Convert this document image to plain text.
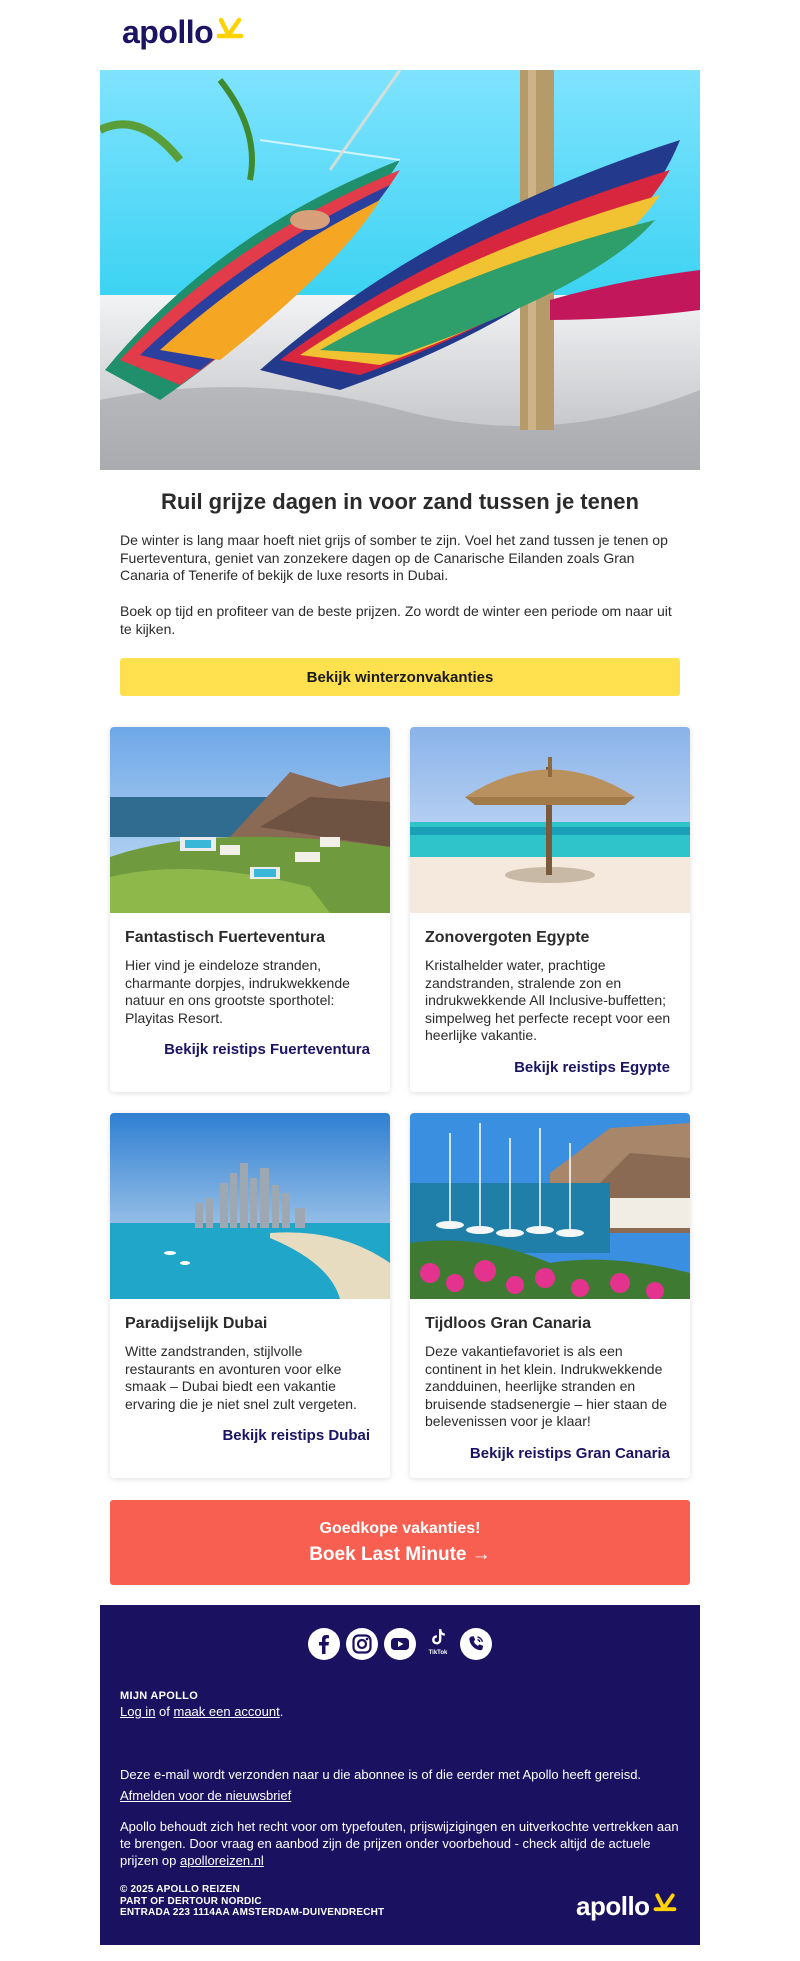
apollo
Ruil grijze dagen in voor zand tussen je tenen

De winter is lang maar hoeft niet grijs of somber te zijn. Voel het zand tussen je tenen op Fuerteventura, geniet van zonzekere dagen op de Canarische Eilanden zoals Gran Canaria of Tenerife of bekijk de luxe resorts in Dubai.

Boek op tijd en profiteer van de beste prijzen. Zo wordt de winter een periode om naar uit te kijken.

Bekijk winterzonvakanties
Fantastisch Fuerteventura

Hier vind je eindeloze stranden, charmante dorpjes, indrukwekkende natuur en ons grootste sporthotel: Playitas Resort.

Bekijk reistips Fuerteventura
Zonovergoten Egypte

Kristalhelder water, prachtige zandstranden, stralende zon en indrukwekkende All Inclusive-buffetten; simpelweg het perfecte recept voor een heerlijke vakantie.

Bekijk reistips Egypte
Paradijselijk Dubai

Witte zandstranden, stijlvolle restaurants en avonturen voor elke smaak – Dubai biedt een vakantie ervaring die je niet snel zult vergeten.

Bekijk reistips Dubai
Tijdloos Gran Canaria

Deze vakantiefavoriet is als een continent in het klein. Indrukwekkende zandduinen, heerlijke stranden en bruisende stadsenergie – hier staan de belevenissen voor je klaar!

Bekijk reistips Gran Canaria
Goedkope vakanties!
Boek Last Minute →
TikTok
MIJN APOLLO
Log in of maak een account.
Deze e-mail wordt verzonden naar u die abonnee is of die eerder met Apollo heeft gereisd.
Afmelden voor de nieuwsbrief
Apollo behoudt zich het recht voor om typefouten, prijswijzigingen en uitverkochte vertrekken aan te brengen. Door vraag en aanbod zijn de prijzen onder voorbehoud - check altijd de actuele prijzen op apolloreizen.nl
© 2025 APOLLO REIZEN
PART OF DERTOUR NORDIC
ENTRADA 223 1114AA AMSTERDAM-DUIVENDRECHT	apollo
